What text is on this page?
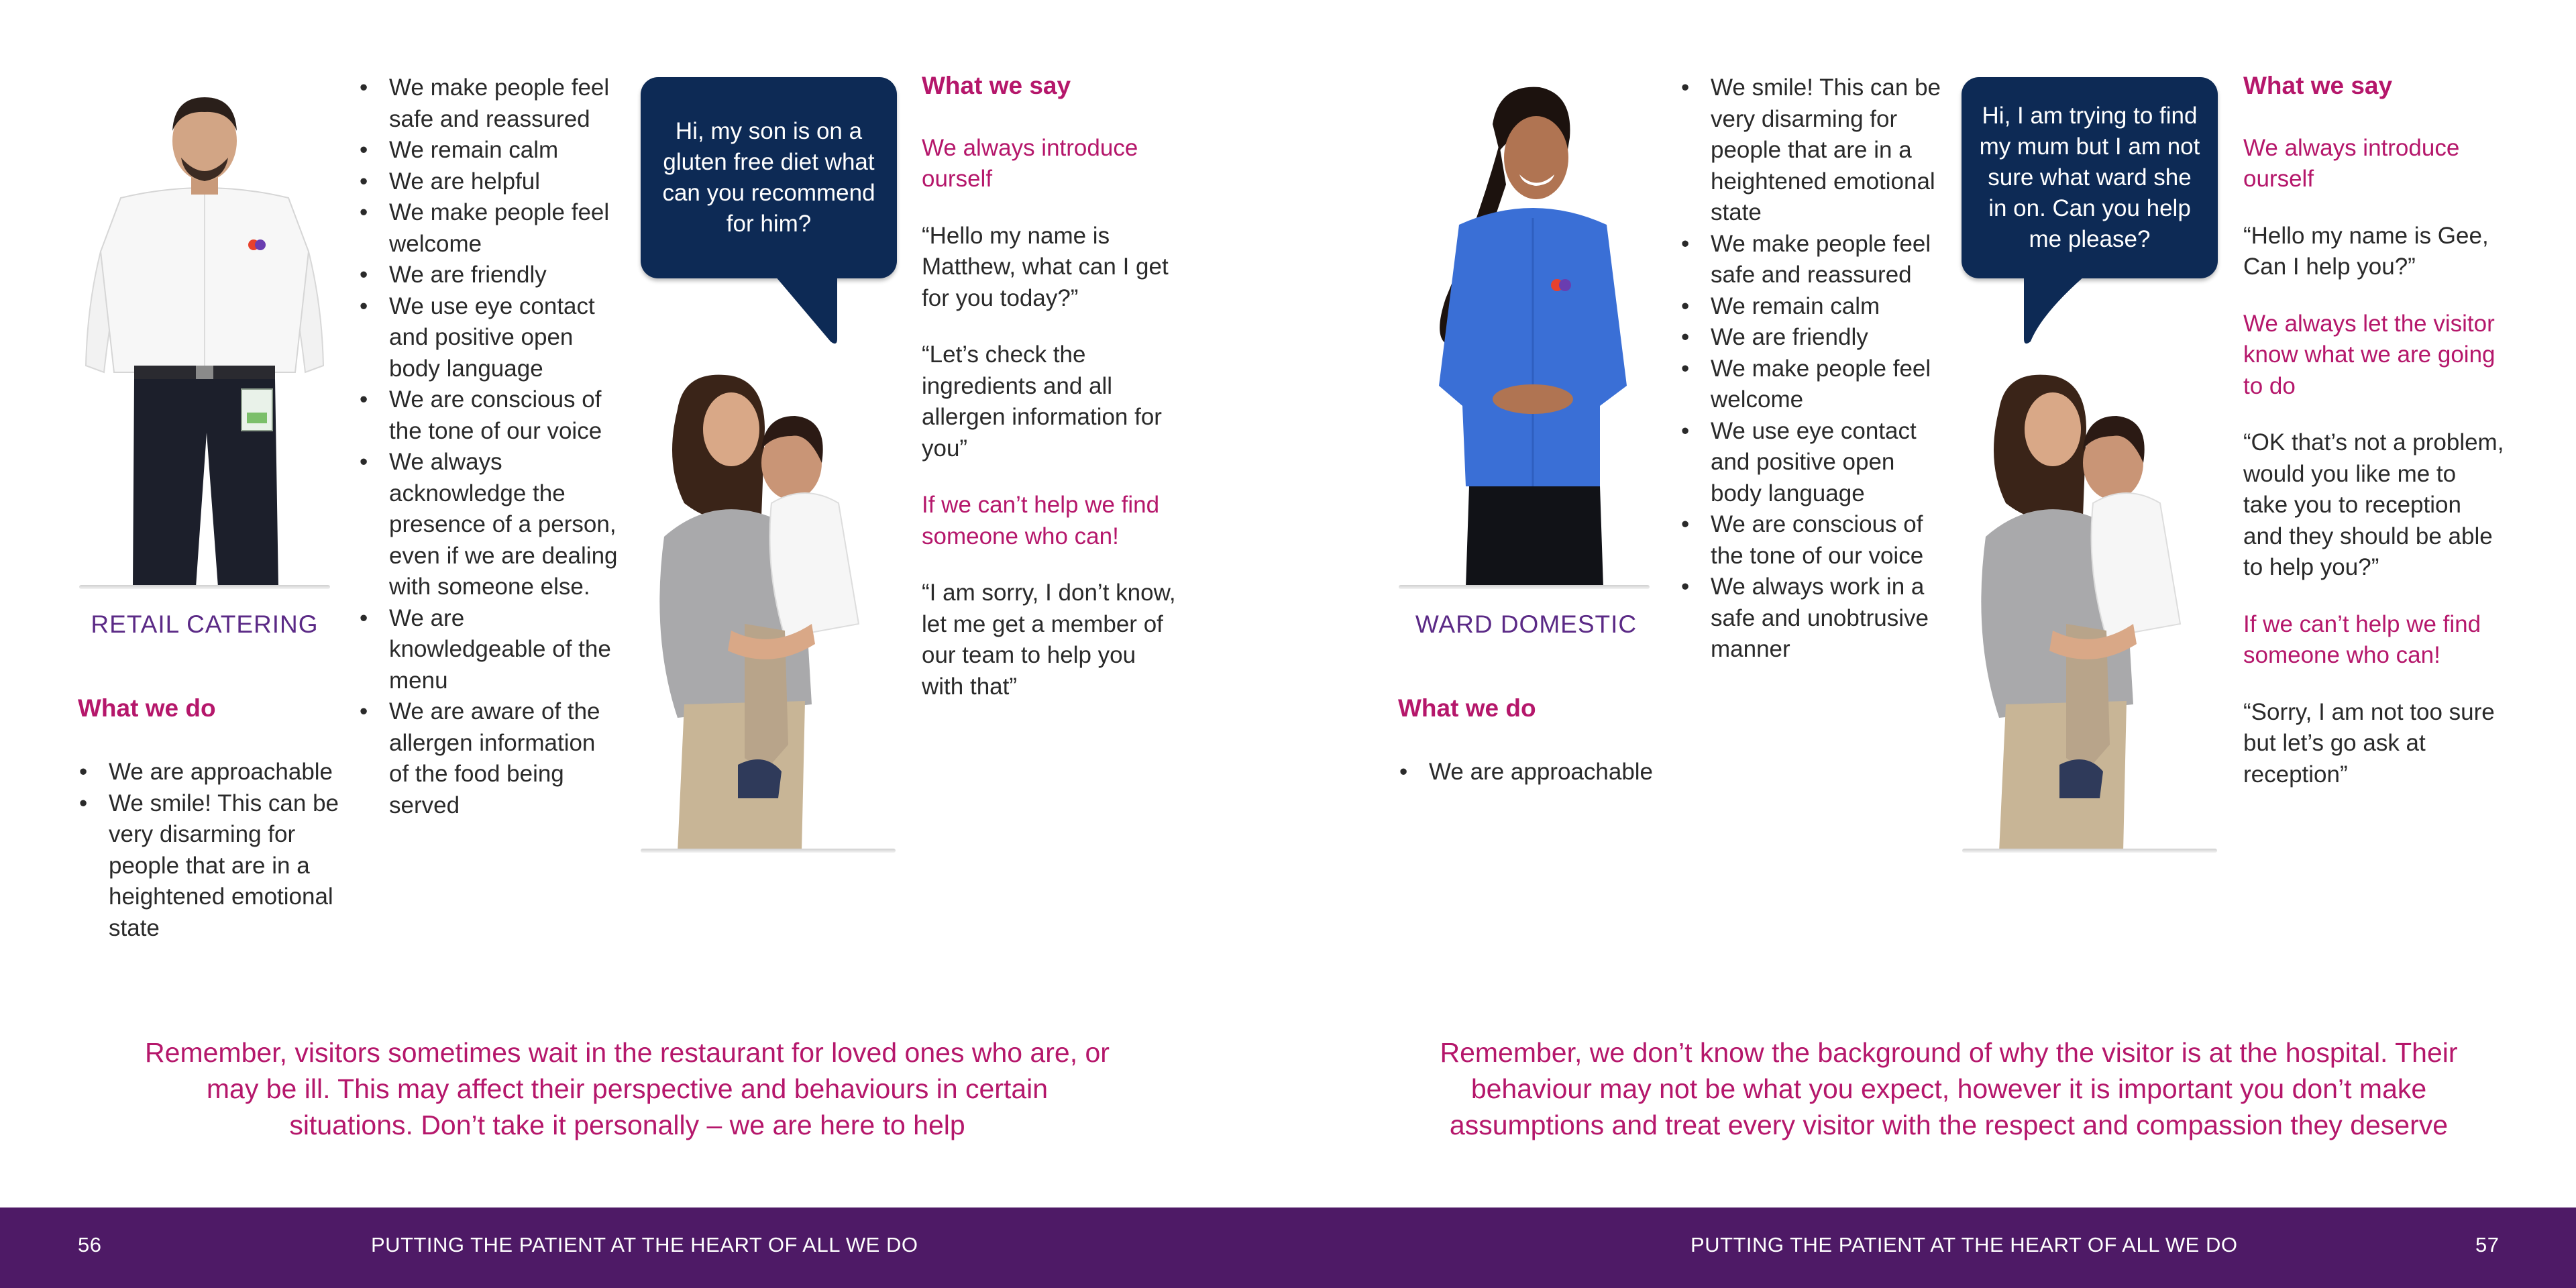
RETAIL CATERING
What we do
• We are approachable
• We smile! This can be very disarming for people that are in a heightened emotional state
• We make people feel safe and reassured
• We remain calm
• We are helpful
• We make people feel welcome
• We are friendly
• We use eye contact and positive open body language
• We are conscious of the tone of our voice
• We always acknowledge the presence of a person, even if we are dealing with someone else.
• We are knowledgeable of the menu
• We are aware of the allergen information of the food being served
Hi, my son is on a gluten free diet what can you recommend for him?
What we say
We always introduce ourself
“Hello my name is Matthew, what can I get for you today?”
“Let’s check the ingredients and all allergen information for you”
If we can’t help we find someone who can!
“I am sorry, I don’t know, let me get a member of our team to help you with that”
Remember, visitors sometimes wait in the restaurant for loved ones who are, or may be ill. This may affect their perspective and behaviours in certain situations. Don’t take it personally – we are here to help
WARD DOMESTIC
What we do
• We are approachable
• We smile! This can be very disarming for people that are in a heightened emotional state
• We make people feel safe and reassured
• We remain calm
• We are friendly
• We make people feel welcome
• We use eye contact and positive open body language
• We are conscious of the tone of our voice
• We always work in a safe and unobtrusive manner
Hi, I am trying to find my mum but I am not sure what ward she in on. Can you help me please?
What we say
We always introduce ourself
“Hello my name is Gee, Can I help you?”
We always let the visitor know what we are going to do
“OK that’s not a problem, would you like me to take you to reception and they should be able to help you?”
If we can’t help we find someone who can!
“Sorry, I am not too sure but let’s go ask at reception”
Remember, we don’t know the background of why the visitor is at the hospital. Their behaviour may not be what you expect, however it is important you don’t make assumptions and treat every visitor with the respect and compassion they deserve
56	PUTTING THE PATIENT AT THE HEART OF ALL WE DO	PUTTING THE PATIENT AT THE HEART OF ALL WE DO	57
